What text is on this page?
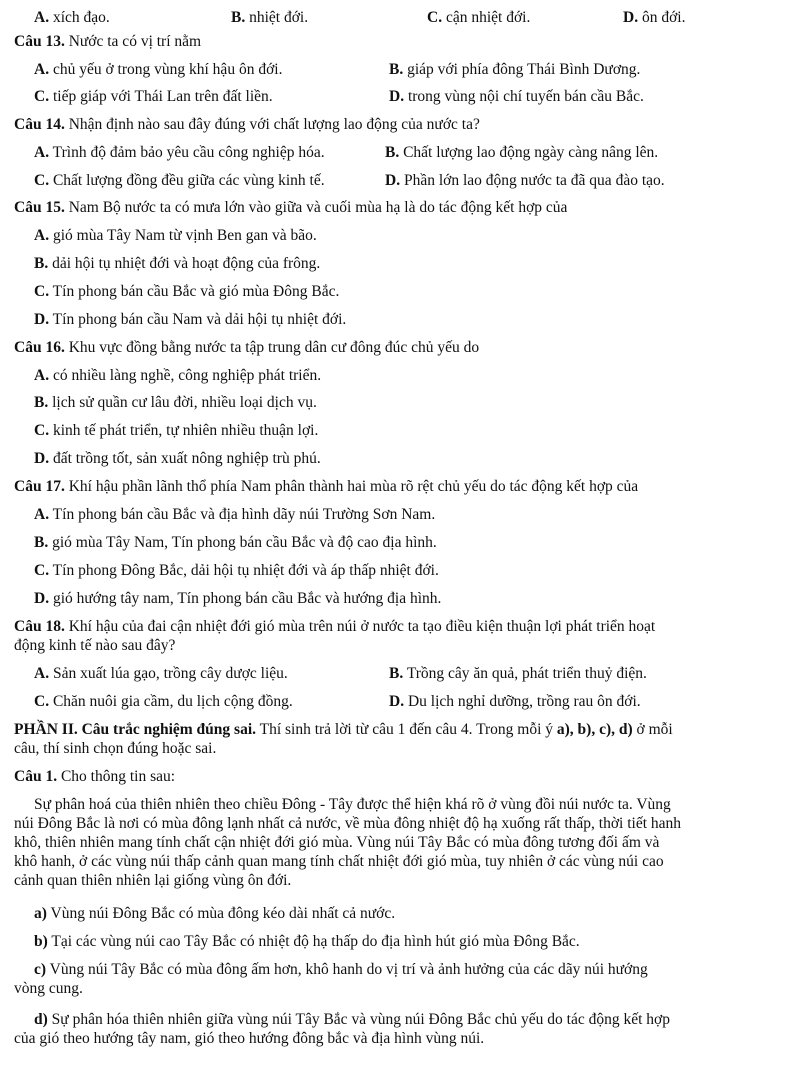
A. xích đạo.	B. nhiệt đới.	C. cận nhiệt đới.	D. ôn đới.
Câu 13. Nước ta có vị trí nằm
A. chủ yếu ở trong vùng khí hậu ôn đới.	B. giáp với phía đông Thái Bình Dương.
C. tiếp giáp với Thái Lan trên đất liền.	D. trong vùng nội chí tuyến bán cầu Bắc.
Câu 14. Nhận định nào sau đây đúng với chất lượng lao động của nước ta?
A. Trình độ đảm bảo yêu cầu công nghiệp hóa.	B. Chất lượng lao động ngày càng nâng lên.
C. Chất lượng đồng đều giữa các vùng kinh tế.	D. Phần lớn lao động nước ta đã qua đào tạo.
Câu 15. Nam Bộ nước ta có mưa lớn vào giữa và cuối mùa hạ là do tác động kết hợp của
A. gió mùa Tây Nam từ vịnh Ben gan và bão.
B. dải hội tụ nhiệt đới và hoạt động của frông.
C. Tín phong bán cầu Bắc và gió mùa Đông Bắc.
D. Tín phong bán cầu Nam và dải hội tụ nhiệt đới.
Câu 16. Khu vực đồng bằng nước ta tập trung dân cư đông đúc chủ yếu do
A. có nhiều làng nghề, công nghiệp phát triển.
B. lịch sử quần cư lâu đời, nhiều loại dịch vụ.
C. kinh tế phát triển, tự nhiên nhiều thuận lợi.
D. đất trồng tốt, sản xuất nông nghiệp trù phú.
Câu 17. Khí hậu phần lãnh thổ phía Nam phân thành hai mùa rõ rệt chủ yếu do tác động kết hợp của
A. Tín phong bán cầu Bắc và địa hình dãy núi Trường Sơn Nam.
B. gió mùa Tây Nam, Tín phong bán cầu Bắc và độ cao địa hình.
C. Tín phong Đông Bắc, dải hội tụ nhiệt đới và áp thấp nhiệt đới.
D. gió hướng tây nam, Tín phong bán cầu Bắc và hướng địa hình.
Câu 18. Khí hậu của đai cận nhiệt đới gió mùa trên núi ở nước ta tạo điều kiện thuận lợi phát triển hoạt
động kinh tế nào sau đây?
A. Sản xuất lúa gạo, trồng cây dược liệu.	B. Trồng cây ăn quả, phát triển thuỷ điện.
C. Chăn nuôi gia cầm, du lịch cộng đồng.	D. Du lịch nghỉ dưỡng, trồng rau ôn đới.
PHẦN II. Câu trắc nghiệm đúng sai. Thí sinh trả lời từ câu 1 đến câu 4. Trong mỗi ý a), b), c), d) ở mỗi
câu, thí sinh chọn đúng hoặc sai.
Câu 1. Cho thông tin sau:
Sự phân hoá của thiên nhiên theo chiều Đông - Tây được thể hiện khá rõ ở vùng đồi núi nước ta. Vùng
núi Đông Bắc là nơi có mùa đông lạnh nhất cả nước, về mùa đông nhiệt độ hạ xuống rất thấp, thời tiết hanh
khô, thiên nhiên mang tính chất cận nhiệt đới gió mùa. Vùng núi Tây Bắc có mùa đông tương đối ấm và
khô hanh, ở các vùng núi thấp cảnh quan mang tính chất nhiệt đới gió mùa, tuy nhiên ở các vùng núi cao
cảnh quan thiên nhiên lại giống vùng ôn đới.
a) Vùng núi Đông Bắc có mùa đông kéo dài nhất cả nước.
b) Tại các vùng núi cao Tây Bắc có nhiệt độ hạ thấp do địa hình hút gió mùa Đông Bắc.
c) Vùng núi Tây Bắc có mùa đông ấm hơn, khô hanh do vị trí và ảnh hưởng của các dãy núi hướng
vòng cung.
d) Sự phân hóa thiên nhiên giữa vùng núi Tây Bắc và vùng núi Đông Bắc chủ yếu do tác động kết hợp
của gió theo hướng tây nam, gió theo hướng đông bắc và địa hình vùng núi.
